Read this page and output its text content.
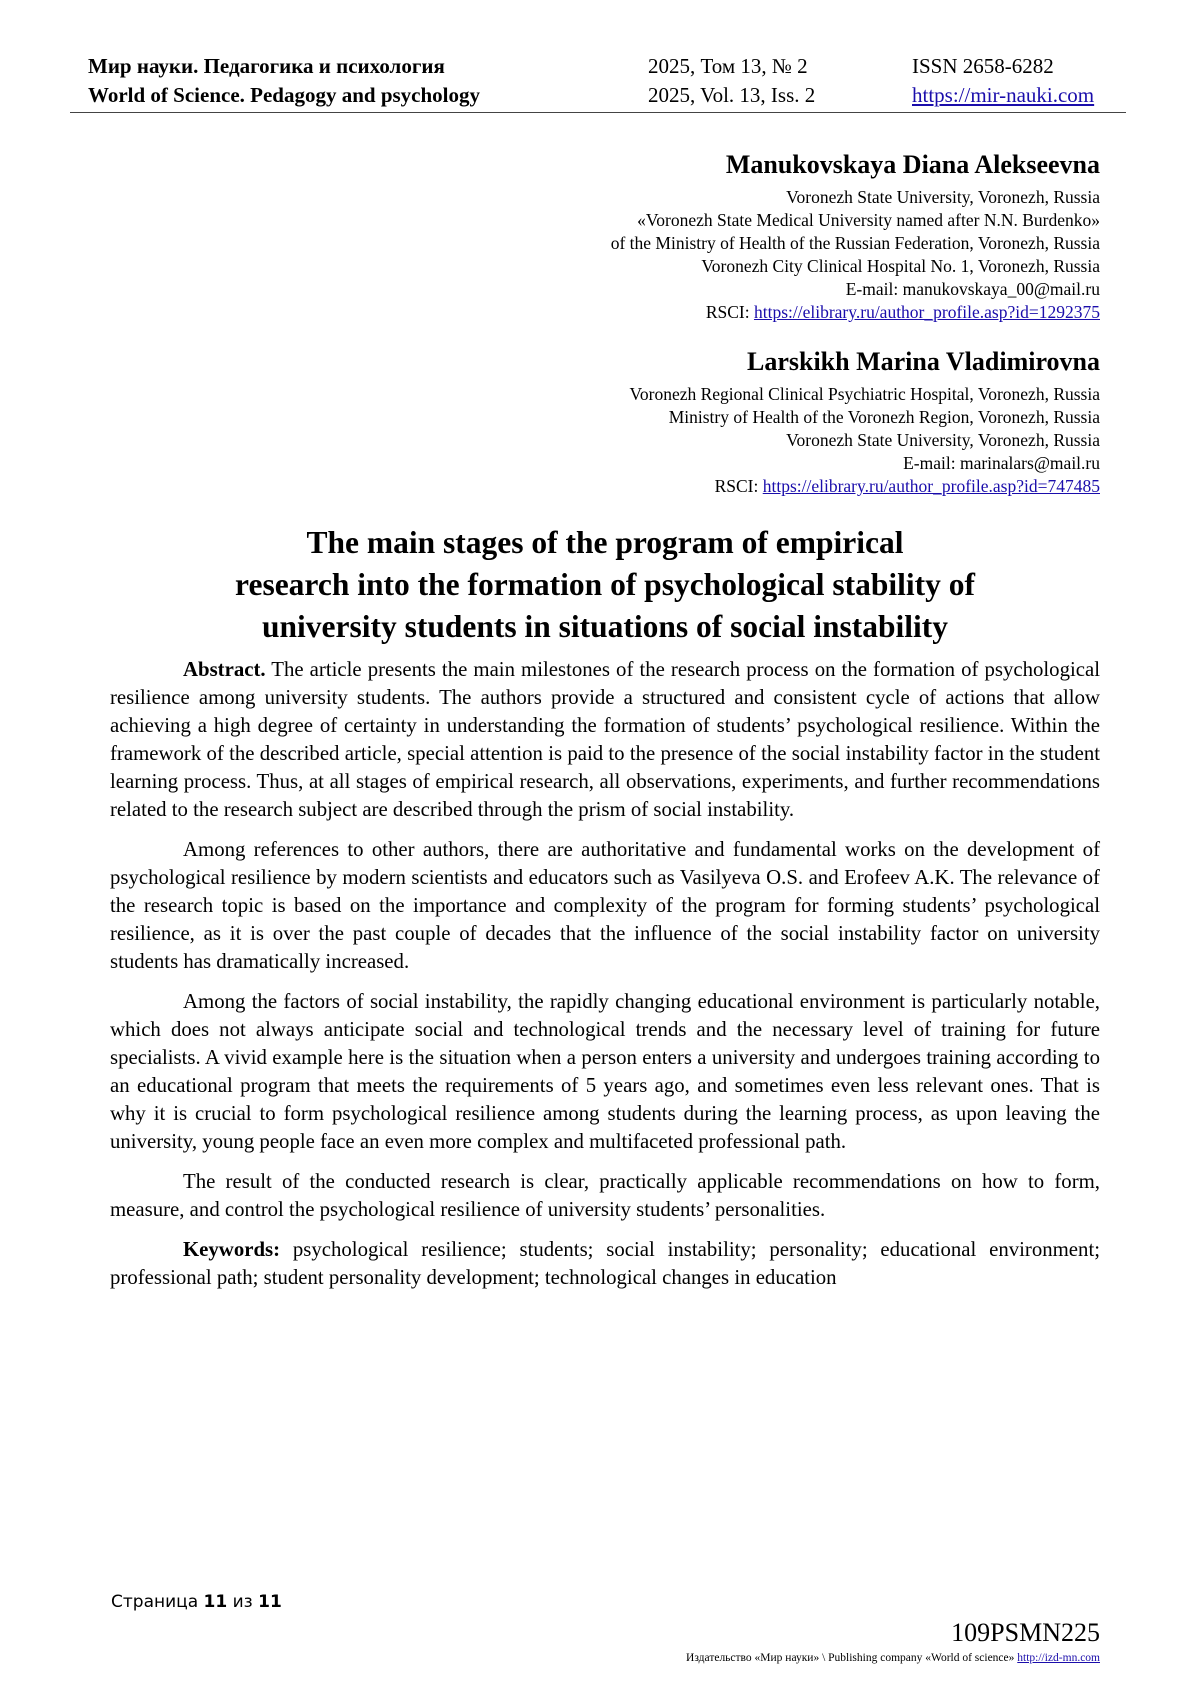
Мир науки. Педагогика и психология
World of Science. Pedagogy and psychology
2025, Том 13, № 2
2025, Vol. 13, Iss. 2
ISSN 2658-6282
https://mir-nauki.com
Manukovskaya Diana Alekseevna
Voronezh State University, Voronezh, Russia
«Voronezh State Medical University named after N.N. Burdenko»
of the Ministry of Health of the Russian Federation, Voronezh, Russia
Voronezh City Clinical Hospital No. 1, Voronezh, Russia
E-mail: manukovskaya_00@mail.ru
RSCI: https://elibrary.ru/author_profile.asp?id=1292375
Larskikh Marina Vladimirovna
Voronezh Regional Clinical Psychiatric Hospital, Voronezh, Russia
Ministry of Health of the Voronezh Region, Voronezh, Russia
Voronezh State University, Voronezh, Russia
E-mail: marinalars@mail.ru
RSCI: https://elibrary.ru/author_profile.asp?id=747485
The main stages of the program of empirical
research into the formation of psychological stability of
university students in situations of social instability

Abstract. The article presents the main milestones of the research process on the formation of psychological resilience among university students. The authors provide a structured and consistent cycle of actions that allow achieving a high degree of certainty in understanding the formation of students’ psychological resilience. Within the framework of the described article, special attention is paid to the presence of the social instability factor in the student learning process. Thus, at all stages of empirical research, all observations, experiments, and further recommendations related to the research subject are described through the prism of social instability.

Among references to other authors, there are authoritative and fundamental works on the development of psychological resilience by modern scientists and educators such as Vasilyeva O.S. and Erofeev A.K. The relevance of the research topic is based on the importance and complexity of the program for forming students’ psychological resilience, as it is over the past couple of decades that the influence of the social instability factor on university students has dramatically increased.

Among the factors of social instability, the rapidly changing educational environment is particularly notable, which does not always anticipate social and technological trends and the necessary level of training for future specialists. A vivid example here is the situation when a person enters a university and undergoes training according to an educational program that meets the requirements of 5 years ago, and sometimes even less relevant ones. That is why it is crucial to form psychological resilience among students during the learning process, as upon leaving the university, young people face an even more complex and multifaceted professional path.

The result of the conducted research is clear, practically applicable recommendations on how to form, measure, and control the psychological resilience of university students’ personalities.

Keywords: psychological resilience; students; social instability; personality; educational environment; professional path; student personality development; technological changes in education

Страница 11 из 11
109PSMN225
Издательство «Мир науки» \ Publishing company «World of science» http://izd-mn.com
